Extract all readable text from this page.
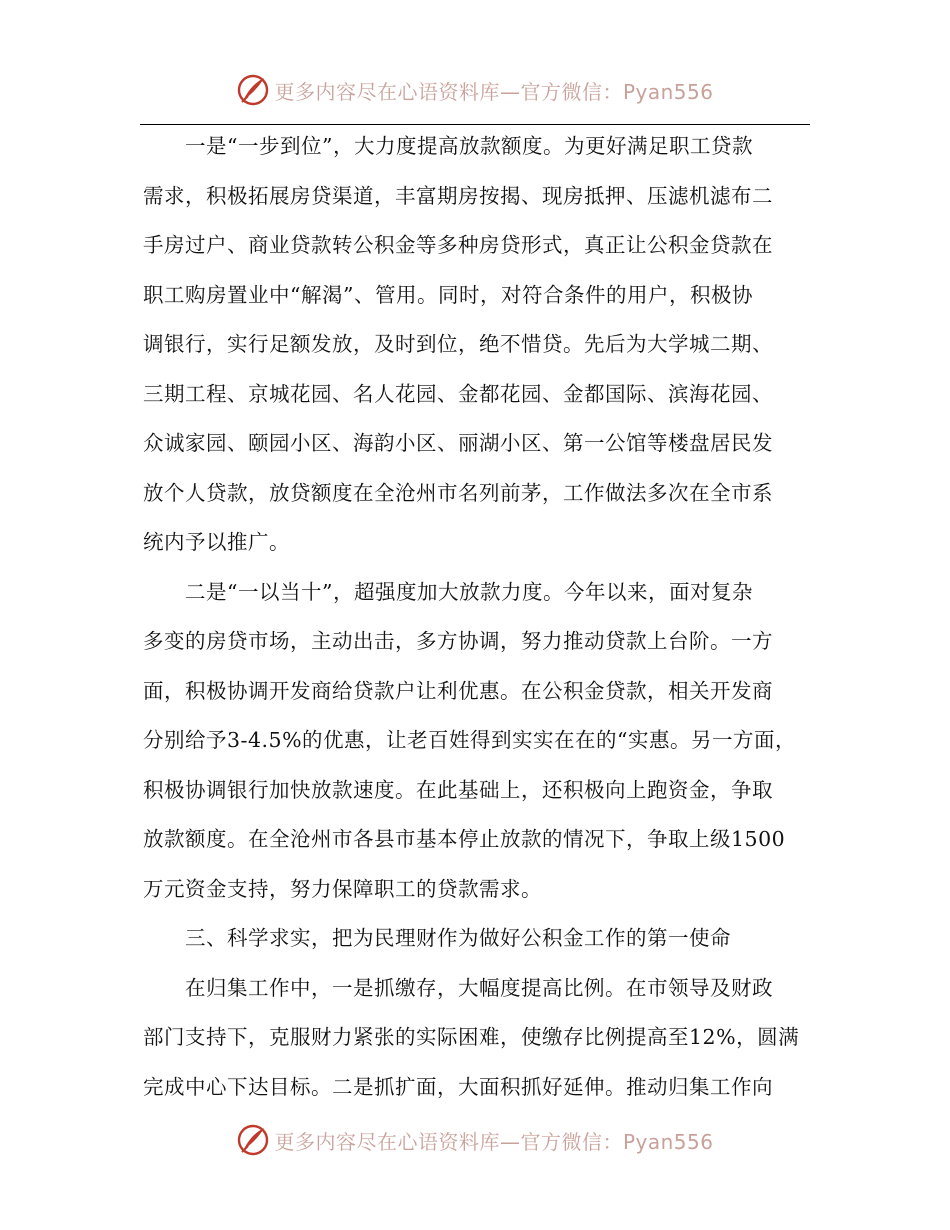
更多内容尽在心语资料库—官方微信：Pyan556
一是“一步到位”，大力度提高放款额度。为更好满足职工贷款
需求，积极拓展房贷渠道，丰富期房按揭、现房抵押、压滤机滤布二
手房过户、商业贷款转公积金等多种房贷形式，真正让公积金贷款在
职工购房置业中“解渴”、管用。同时，对符合条件的用户，积极协
调银行，实行足额发放，及时到位，绝不惜贷。先后为大学城二期、
三期工程、京城花园、名人花园、金都花园、金都国际、滨海花园、
众诚家园、颐园小区、海韵小区、丽湖小区、第一公馆等楼盘居民发
放个人贷款，放贷额度在全沧州市名列前茅，工作做法多次在全市系
统内予以推广。
二是“一以当十”，超强度加大放款力度。今年以来，面对复杂
多变的房贷市场，主动出击，多方协调，努力推动贷款上台阶。一方
面，积极协调开发商给贷款户让利优惠。在公积金贷款，相关开发商
分别给予3-4.5%的优惠，让老百姓得到实实在在的“实惠。另一方面，
积极协调银行加快放款速度。在此基础上，还积极向上跑资金，争取
放款额度。在全沧州市各县市基本停止放款的情况下，争取上级1500
万元资金支持，努力保障职工的贷款需求。
三、科学求实，把为民理财作为做好公积金工作的第一使命
在归集工作中，一是抓缴存，大幅度提高比例。在市领导及财政
部门支持下，克服财力紧张的实际困难，使缴存比例提高至12%，圆满
完成中心下达目标。二是抓扩面，大面积抓好延伸。推动归集工作向
更多内容尽在心语资料库—官方微信：Pyan556
